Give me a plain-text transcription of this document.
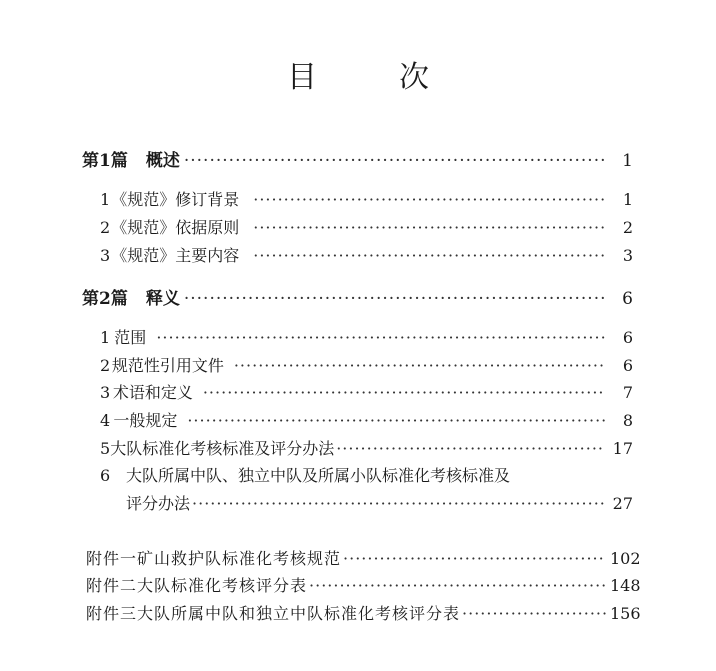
目	次
第1篇 概述 ·····	1
1 《规范》修订背景 ·····	1
2 《规范》依据原则 ·····	2
3 《规范》主要内容 ·····	3
第2篇 释义 ·····	6
1 范围 ·····	6
2 规范性引用文件 ·····	6
3 术语和定义 ·····	7
4 一般规定 ·····	8
5 大队标准化考核标准及评分办法 ·····	17
6 大队所属中队、独立中队及所属小队标准化考核标准及
评分办法 ·····	27
附件一 矿山救护队标准化考核规范 ·····	102
附件二 大队标准化考核评分表 ·····	148
附件三 大队所属中队和独立中队标准化考核评分表 ·····	156
